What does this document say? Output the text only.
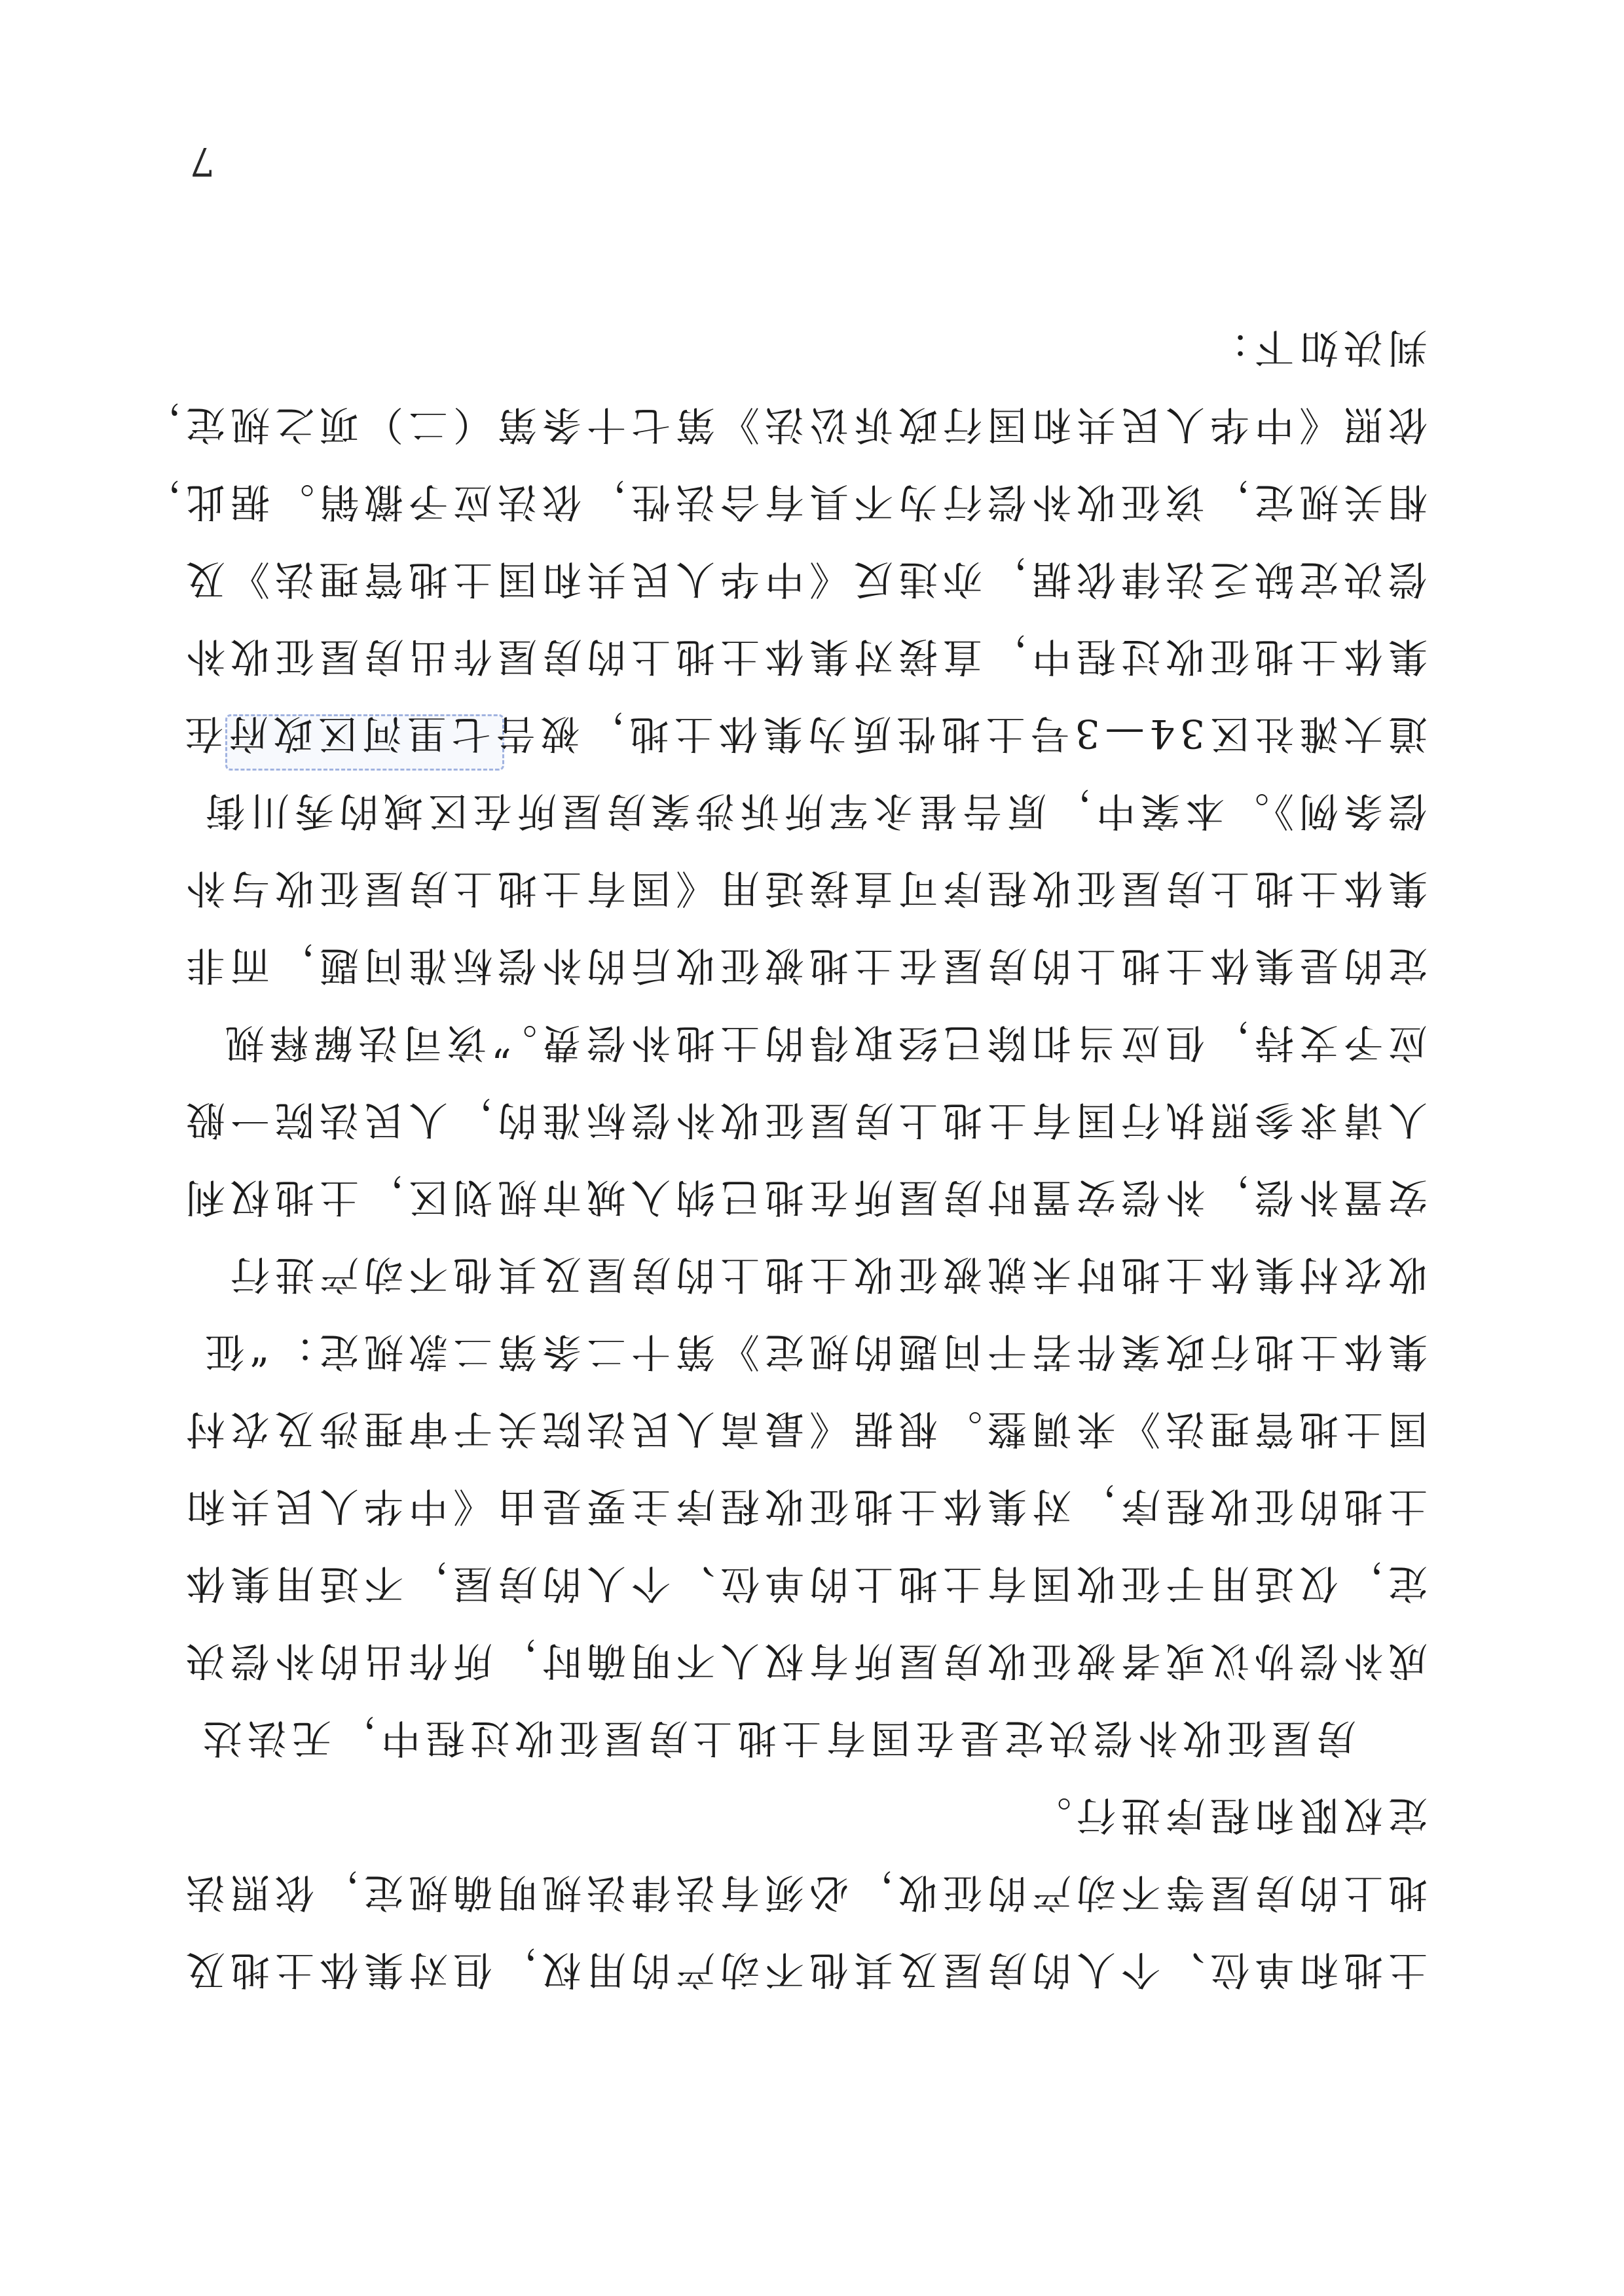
土地和单位、个人的房屋及其他不动产的用权，但对集体土地及
地上的房屋等不动产的征收，必须有法律法规明确规定，依照法
定权限和程序进行。
房屋征收补偿决定是在国有土地上房屋征收过程中，无法达
成补偿协议或者被征收房屋所有权人不明确时，所作出的补偿决
定，仅适用于征收国有土地上的单位、个人的房屋，不适用集体
土地的征收程序，对集体土地征收程序主要是由《中华人民共和
国土地管理法》来调整。根据《最高人民法院关于审理涉及农村
集体土地行政案件若干问题的规定》第十二条第二款规定：“征
收农村集体土地时未就被征收土地上的房屋及其他不动产进行
安置补偿，补偿安置时房屋所在地已纳入城市规划区，土地权利
人请求参照执行国有土地上房屋征收补偿标准的，人民法院一般
应予支持，但应当扣除已经取得的土地补偿费。”该司法解释规
定的是集体土地上的房屋在土地被征收后的补偿标准问题，而非
集体土地上房屋征收程序可直接适用《国有土地上房屋征收与补
偿条例》。本案中，原告崔永军所诉涉案房屋所在区域的秀川街
道大滩社区34—3号土地性质为集体土地，被告七里河区政府在
集体土地征收过程中，直接对集体土地上的房屋作出房屋征收补
偿决定缺乏法律依据，亦违反《中华人民共和国土地管理法》及
相关规定，该征收补偿行为不具有合法性，依法应予撤销。据此，
依照《中华人民共和国行政诉讼法》第七十条第（二）项之规定，
判决如下：
7
